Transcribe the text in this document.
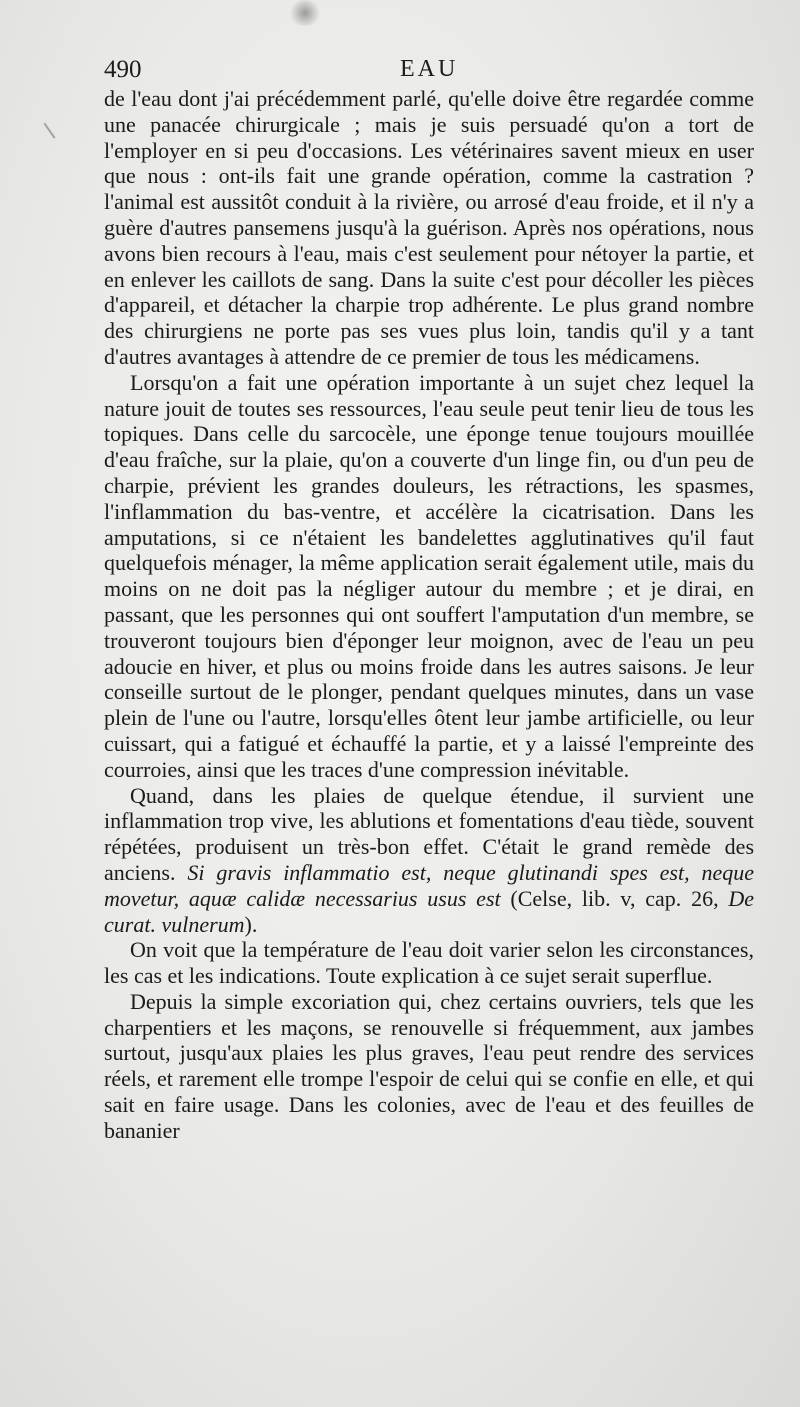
490	EAU

de l'eau dont j'ai précédemment parlé, qu'elle doive être regardée comme une panacée chirurgicale ; mais je suis persuadé qu'on a tort de l'employer en si peu d'occasions. Les vétérinaires savent mieux en user que nous : ont-ils fait une grande opération, comme la castration ? l'animal est aussitôt conduit à la rivière, ou arrosé d'eau froide, et il n'y a guère d'autres pansemens jusqu'à la guérison. Après nos opérations, nous avons bien recours à l'eau, mais c'est seulement pour nétoyer la partie, et en enlever les caillots de sang. Dans la suite c'est pour décoller les pièces d'appareil, et détacher la charpie trop adhérente. Le plus grand nombre des chirurgiens ne porte pas ses vues plus loin, tandis qu'il y a tant d'autres avantages à attendre de ce premier de tous les médicamens.

Lorsqu'on a fait une opération importante à un sujet chez lequel la nature jouit de toutes ses ressources, l'eau seule peut tenir lieu de tous les topiques. Dans celle du sarcocèle, une éponge tenue toujours mouillée d'eau fraîche, sur la plaie, qu'on a couverte d'un linge fin, ou d'un peu de charpie, prévient les grandes douleurs, les rétractions, les spasmes, l'inflammation du bas-ventre, et accélère la cicatrisation. Dans les amputations, si ce n'étaient les bandelettes agglutinatives qu'il faut quelquefois ménager, la même application serait également utile, mais du moins on ne doit pas la négliger autour du membre ; et je dirai, en passant, que les personnes qui ont souffert l'amputation d'un membre, se trouveront toujours bien d'éponger leur moignon, avec de l'eau un peu adoucie en hiver, et plus ou moins froide dans les autres saisons. Je leur conseille surtout de le plonger, pendant quelques minutes, dans un vase plein de l'une ou l'autre, lorsqu'elles ôtent leur jambe artificielle, ou leur cuissart, qui a fatigué et échauffé la partie, et y a laissé l'empreinte des courroies, ainsi que les traces d'une compression inévitable.

Quand, dans les plaies de quelque étendue, il survient une inflammation trop vive, les ablutions et fomentations d'eau tiède, souvent répétées, produisent un très-bon effet. C'était le grand remède des anciens. Si gravis inflammatio est, neque glutinandi spes est, neque movetur, aquæ calidæ necessarius usus est (Celse, lib. v, cap. 26, De curat. vulnerum).

On voit que la température de l'eau doit varier selon les circonstances, les cas et les indications. Toute explication à ce sujet serait superflue.

Depuis la simple excoriation qui, chez certains ouvriers, tels que les charpentiers et les maçons, se renouvelle si fréquemment, aux jambes surtout, jusqu'aux plaies les plus graves, l'eau peut rendre des services réels, et rarement elle trompe l'espoir de celui qui se confie en elle, et qui sait en faire usage. Dans les colonies, avec de l'eau et des feuilles de bananier
